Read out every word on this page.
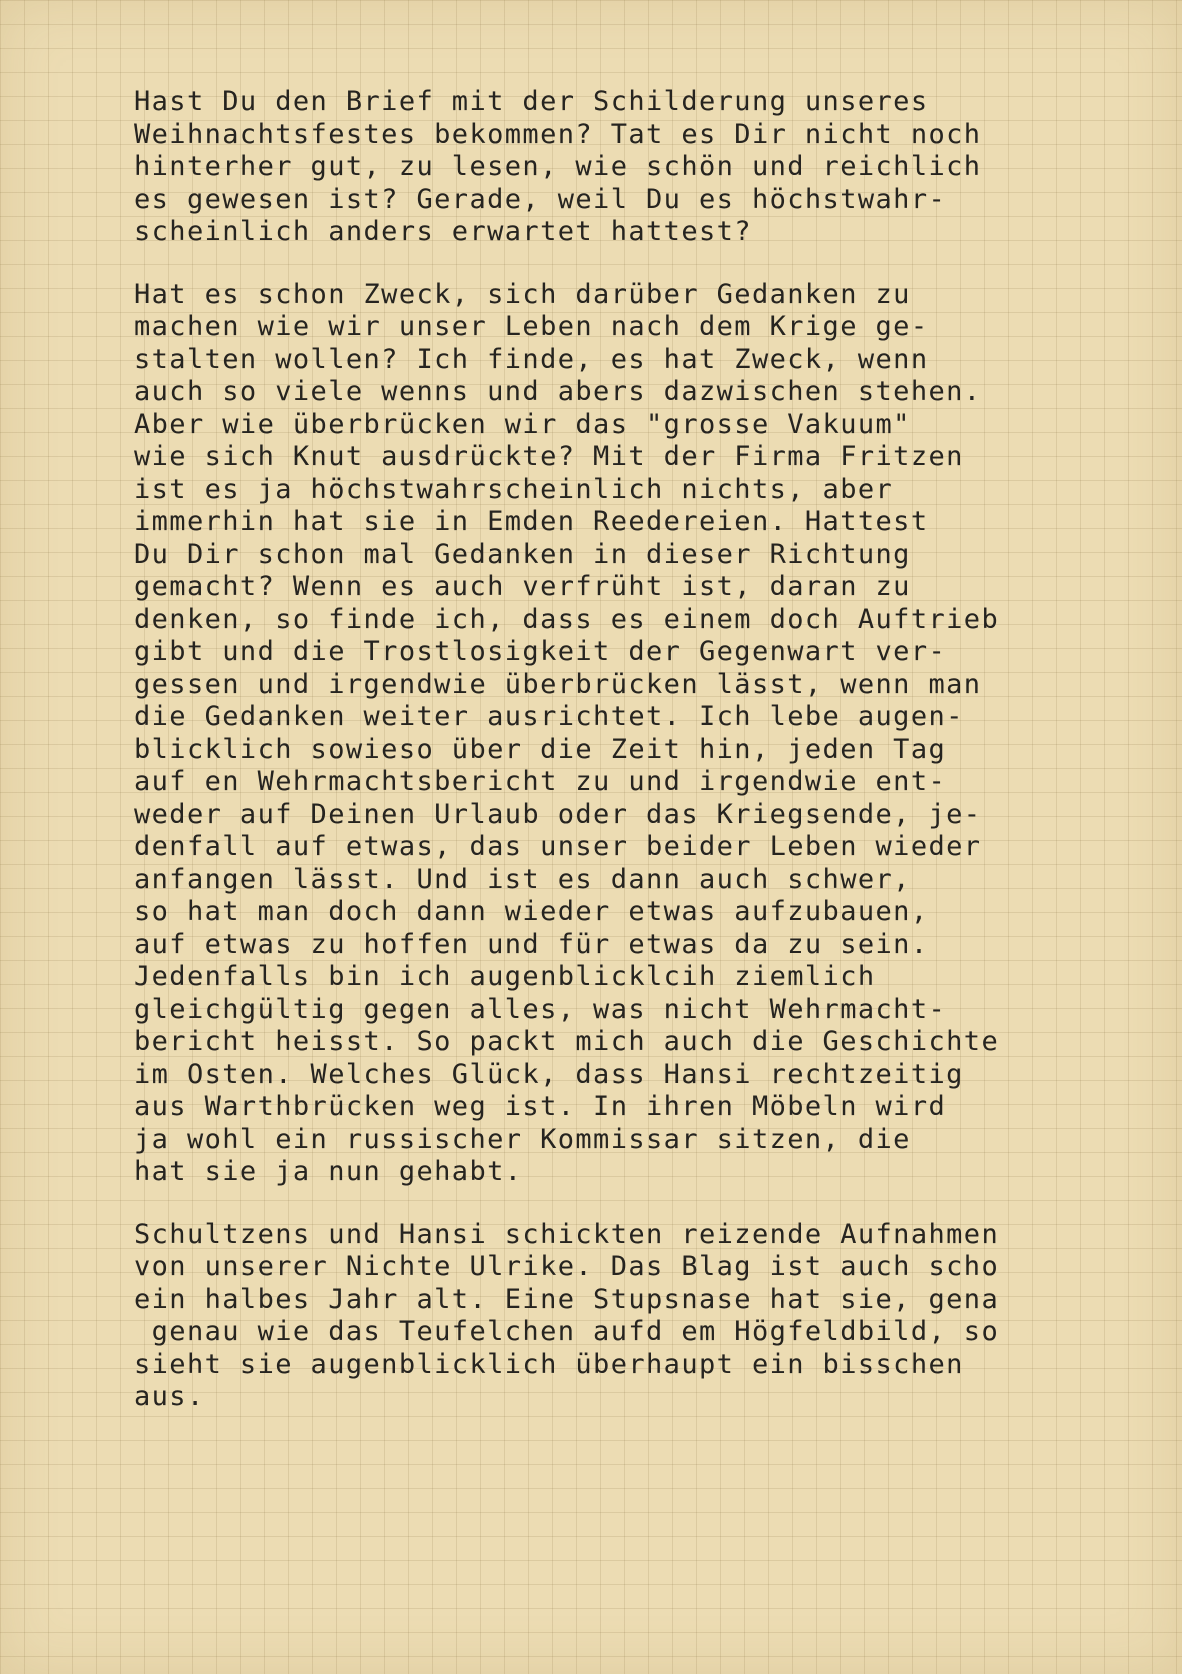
Hast Du den Brief mit der Schilderung unseres
Weihnachtsfestes bekommen? Tat es Dir nicht noch
hinterher gut, zu lesen, wie schön und reichlich
es gewesen ist? Gerade, weil Du es höchstwahr-
scheinlich anders erwartet hattest?
Hat es schon Zweck, sich darüber Gedanken zu
machen wie wir unser Leben nach dem Krige ge-
stalten wollen? Ich finde, es hat Zweck, wenn
auch so viele wenns und abers dazwischen stehen.
Aber wie überbrücken wir das "grosse Vakuum"
wie sich Knut ausdrückte? Mit der Firma Fritzen
ist es ja höchstwahrscheinlich nichts, aber
immerhin hat sie in Emden Reedereien. Hattest
Du Dir schon mal Gedanken in dieser Richtung
gemacht? Wenn es auch verfrüht ist, daran zu
denken, so finde ich, dass es einem doch Auftrieb
gibt und die Trostlosigkeit der Gegenwart ver-
gessen und irgendwie überbrücken lässt, wenn man
die Gedanken weiter ausrichtet. Ich lebe augen-
blicklich sowieso über die Zeit hin, jeden Tag
auf en Wehrmachtsbericht zu und irgendwie ent-
weder auf Deinen Urlaub oder das Kriegsende, je-
denfall auf etwas, das unser beider Leben wieder
anfangen lässt. Und ist es dann auch schwer,
so hat man doch dann wieder etwas aufzubauen,
auf etwas zu hoffen und für etwas da zu sein.
Jedenfalls bin ich augenblicklcih ziemlich
gleichgültig gegen alles, was nicht Wehrmacht-
bericht heisst. So packt mich auch die Geschichte
im Osten. Welches Glück, dass Hansi rechtzeitig
aus Warthbrücken weg ist. In ihren Möbeln wird
ja wohl ein russischer Kommissar sitzen, die
hat sie ja nun gehabt.
Schultzens und Hansi schickten reizende Aufnahmen
von unserer Nichte Ulrike. Das Blag ist auch scho
ein halbes Jahr alt. Eine Stupsnase hat sie, gena
genau wie das Teufelchen aufd em Högfeldbild, so
sieht sie augenblicklich überhaupt ein bisschen
aus.
